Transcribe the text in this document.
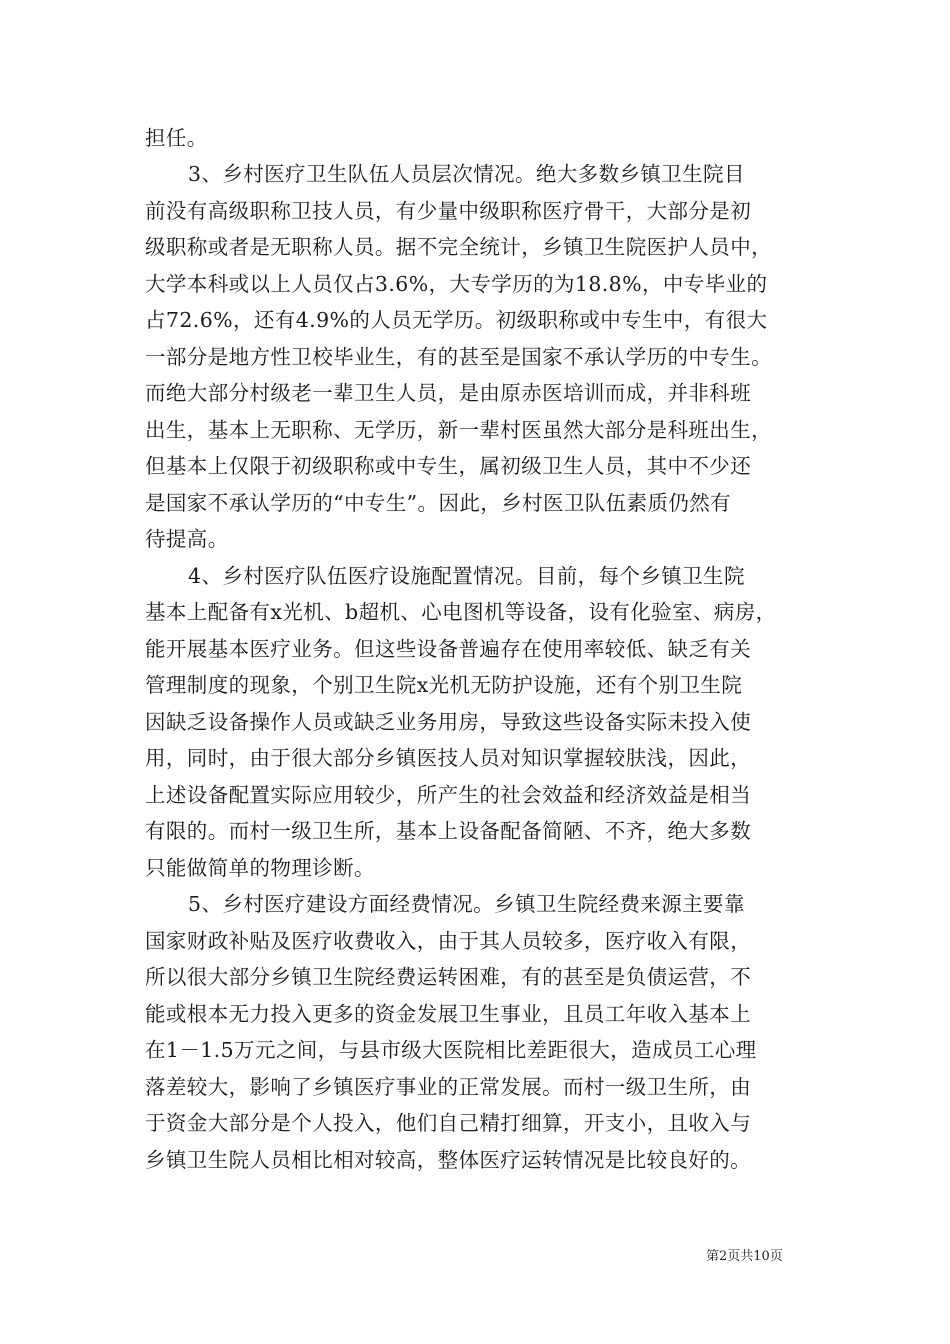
担任。
3、乡村医疗卫生队伍人员层次情况。绝大多数乡镇卫生院目
前没有高级职称卫技人员，有少量中级职称医疗骨干，大部分是初
级职称或者是无职称人员。据不完全统计，乡镇卫生院医护人员中，
大学本科或以上人员仅占3.6%，大专学历的为18.8%，中专毕业的
占72.6%，还有4.9%的人员无学历。初级职称或中专生中，有很大
一部分是地方性卫校毕业生，有的甚至是国家不承认学历的中专生。
而绝大部分村级老一辈卫生人员，是由原赤医培训而成，并非科班
出生，基本上无职称、无学历，新一辈村医虽然大部分是科班出生，
但基本上仅限于初级职称或中专生，属初级卫生人员，其中不少还
是国家不承认学历的“中专生”。因此，乡村医卫队伍素质仍然有
待提高。
4、乡村医疗队伍医疗设施配置情况。目前，每个乡镇卫生院
基本上配备有x光机、b超机、心电图机等设备，设有化验室、病房，
能开展基本医疗业务。但这些设备普遍存在使用率较低、缺乏有关
管理制度的现象，个别卫生院x光机无防护设施，还有个别卫生院
因缺乏设备操作人员或缺乏业务用房，导致这些设备实际未投入使
用，同时，由于很大部分乡镇医技人员对知识掌握较肤浅，因此，
上述设备配置实际应用较少，所产生的社会效益和经济效益是相当
有限的。而村一级卫生所，基本上设备配备简陋、不齐，绝大多数
只能做简单的物理诊断。
5、乡村医疗建设方面经费情况。乡镇卫生院经费来源主要靠
国家财政补贴及医疗收费收入，由于其人员较多，医疗收入有限，
所以很大部分乡镇卫生院经费运转困难，有的甚至是负债运营，不
能或根本无力投入更多的资金发展卫生事业，且员工年收入基本上
在1－1.5万元之间，与县市级大医院相比差距很大，造成员工心理
落差较大，影响了乡镇医疗事业的正常发展。而村一级卫生所，由
于资金大部分是个人投入，他们自己精打细算，开支小，且收入与
乡镇卫生院人员相比相对较高，整体医疗运转情况是比较良好的。
第2页共10页
